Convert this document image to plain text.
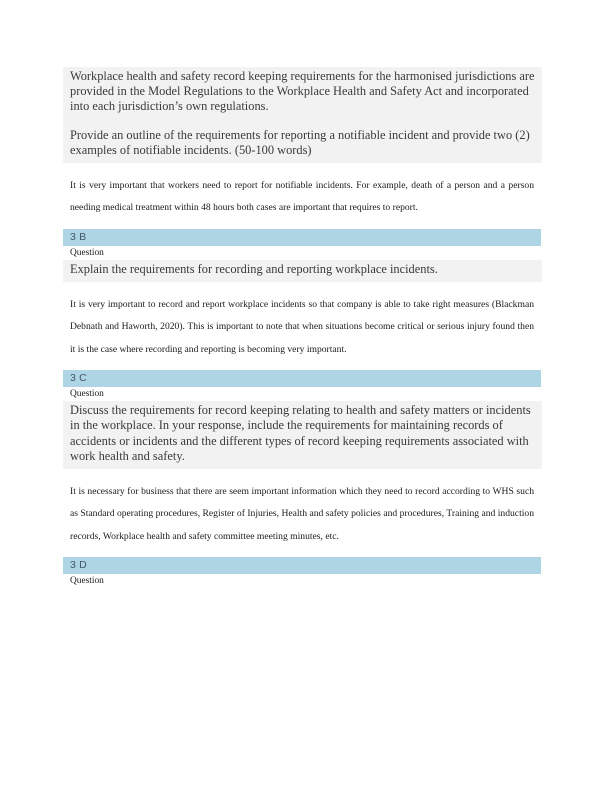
Workplace health and safety record keeping requirements for the harmonised jurisdictions are provided in the Model Regulations to the Workplace Health and Safety Act and incorporated into each jurisdiction’s own regulations.

Provide an outline of the requirements for reporting a notifiable incident and provide two (2) examples of notifiable incidents. (50-100 words)

It is very important that workers need to report for notifiable incidents. For example, death of a person and a person needing medical treatment within 48 hours both cases are important that requires to report.

3 B
Question

Explain the requirements for recording and reporting workplace incidents.

It is very important to record and report workplace incidents so that company is able to take right measures (Blackman Debnath and Haworth, 2020). This is important to note that when situations become critical or serious injury found then it is the case where recording and reporting is becoming very important.

3 C
Question

Discuss the requirements for record keeping relating to health and safety matters or incidents in the workplace. In your response, include the requirements for maintaining records of accidents or incidents and the different types of record keeping requirements associated with work health and safety.

It is necessary for business that there are seem important information which they need to record according to WHS such as Standard operating procedures, Register of Injuries, Health and safety policies and procedures, Training and induction records, Workplace health and safety committee meeting minutes, etc.

3 D
Question
